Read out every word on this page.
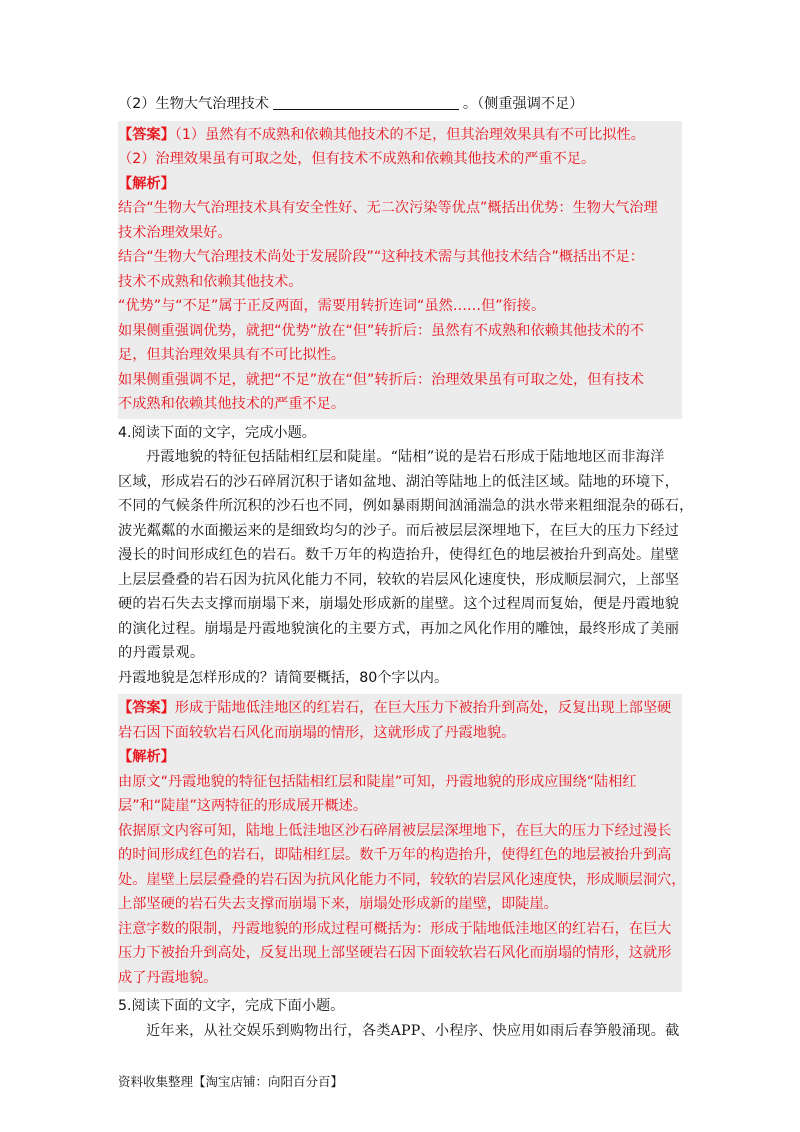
（2）生物大气治理技术	。（侧重强调不足）
【答案】（1）虽然有不成熟和依赖其他技术的不足，但其治理效果具有不可比拟性。
（2）治理效果虽有可取之处，但有技术不成熟和依赖其他技术的严重不足。
【解析】
结合“生物大气治理技术具有安全性好、无二次污染等优点”概括出优势：生物大气治理
技术治理效果好。
结合“生物大气治理技术尚处于发展阶段”“这种技术需与其他技术结合”概括出不足：
技术不成熟和依赖其他技术。
“优势”与“不足”属于正反两面，需要用转折连词“虽然……但”衔接。
如果侧重强调优势，就把“优势”放在“但”转折后：虽然有不成熟和依赖其他技术的不
足，但其治理效果具有不可比拟性。
如果侧重强调不足，就把“不足”放在“但”转折后：治理效果虽有可取之处，但有技术
不成熟和依赖其他技术的严重不足。
4.阅读下面的文字，完成小题。
丹霞地貌的特征包括陆相红层和陡崖。“陆相”说的是岩石形成于陆地地区而非海洋
区域，形成岩石的沙石碎屑沉积于诸如盆地、湖泊等陆地上的低洼区域。陆地的环境下，
不同的气候条件所沉积的沙石也不同，例如暴雨期间汹涌湍急的洪水带来粗细混杂的砾石，
波光粼粼的水面搬运来的是细致均匀的沙子。而后被层层深埋地下，在巨大的压力下经过
漫长的时间形成红色的岩石。数千万年的构造抬升，使得红色的地层被抬升到高处。崖壁
上层层叠叠的岩石因为抗风化能力不同，较软的岩层风化速度快，形成顺层洞穴，上部坚
硬的岩石失去支撑而崩塌下来，崩塌处形成新的崖壁。这个过程周而复始，便是丹霞地貌
的演化过程。崩塌是丹霞地貌演化的主要方式，再加之风化作用的雕蚀，最终形成了美丽
的丹霞景观。
丹霞地貌是怎样形成的？请简要概括，80个字以内。
【答案】形成于陆地低洼地区的红岩石，在巨大压力下被抬升到高处，反复出现上部坚硬
岩石因下面较软岩石风化而崩塌的情形，这就形成了丹霞地貌。
【解析】
由原文“丹霞地貌的特征包括陆相红层和陡崖”可知，丹霞地貌的形成应围绕“陆相红
层”和“陡崖”这两特征的形成展开概述。
依据原文内容可知，陆地上低洼地区沙石碎屑被层层深埋地下，在巨大的压力下经过漫长
的时间形成红色的岩石，即陆相红层。数千万年的构造抬升，使得红色的地层被抬升到高
处。崖壁上层层叠叠的岩石因为抗风化能力不同，较软的岩层风化速度快，形成顺层洞穴，
上部坚硬的岩石失去支撑而崩塌下来，崩塌处形成新的崖壁，即陡崖。
注意字数的限制，丹霞地貌的形成过程可概括为：形成于陆地低洼地区的红岩石，在巨大
压力下被抬升到高处，反复出现上部坚硬岩石因下面较软岩石风化而崩塌的情形，这就形
成了丹霞地貌。
5.阅读下面的文字，完成下面小题。
近年来，从社交娱乐到购物出行，各类APP、小程序、快应用如雨后春笋般涌现。截
资料收集整理【淘宝店铺：向阳百分百】
